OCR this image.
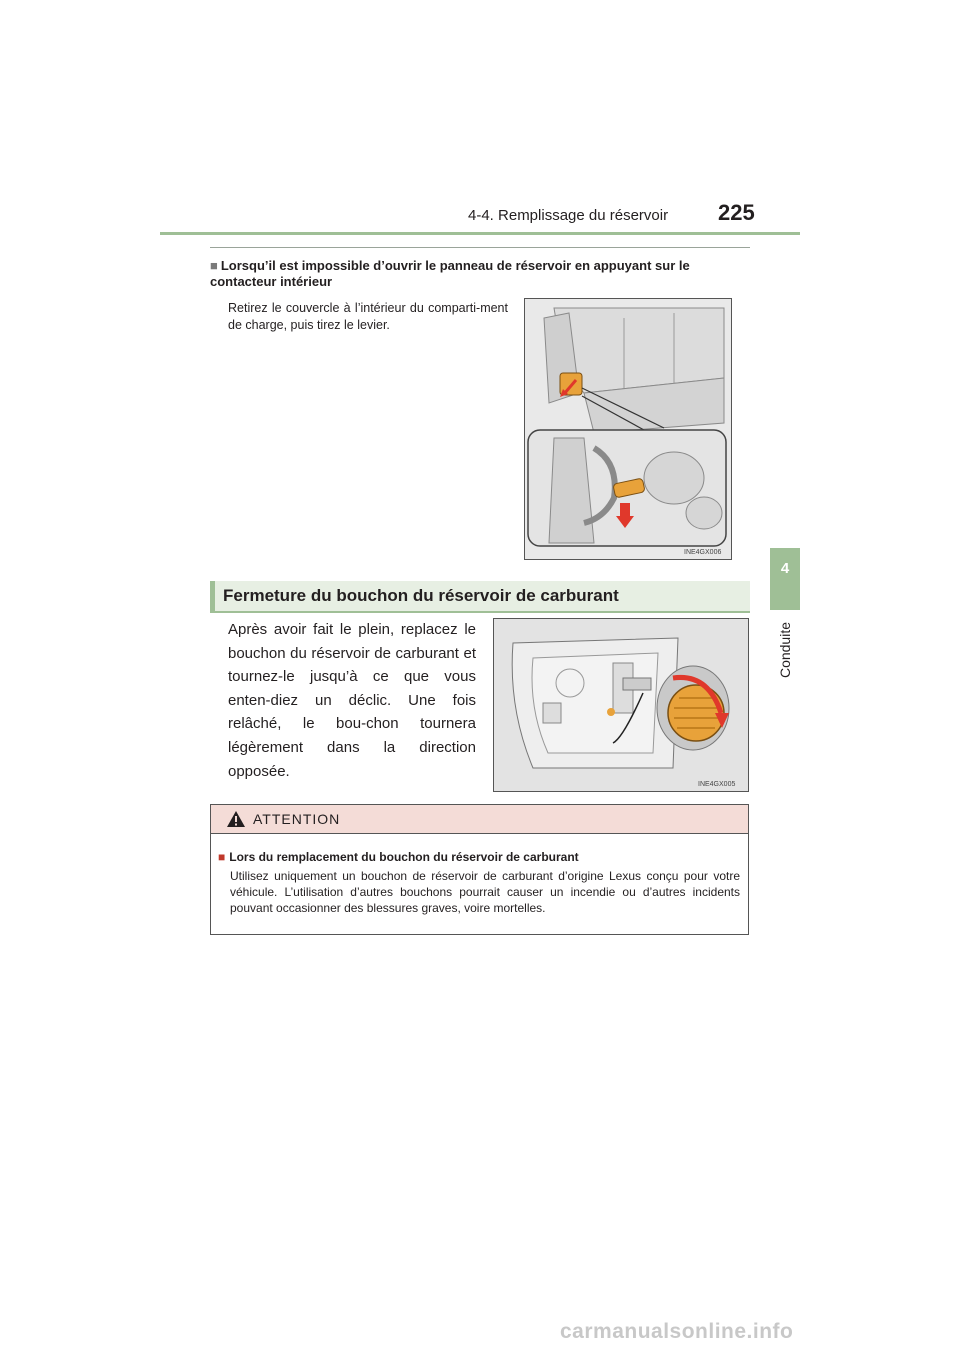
4-4. Remplissage du réservoir 225
4
Conduite
■ Lorsqu’il est impossible d’ouvrir le panneau de réservoir en appuyant sur le contacteur intérieur
Retirez le couvercle à l’intérieur du comparti-ment de charge, puis tirez le levier.
INE4GX006
Fermeture du bouchon du réservoir de carburant
Après avoir fait le plein, replacez le bouchon du réservoir de carburant et tournez-le jusqu’à ce que vous enten-diez un déclic. Une fois relâché, le bou-chon tournera légèrement dans la direction opposée.
INE4GX005
ATTENTION
■ Lors du remplacement du bouchon du réservoir de carburant
Utilisez uniquement un bouchon de réservoir de carburant d’origine Lexus conçu pour votre véhicule. L’utilisation d’autres bouchons pourrait causer un incendie ou d’autres incidents pouvant occasionner des blessures graves, voire mortelles.
carmanualsonline.info
